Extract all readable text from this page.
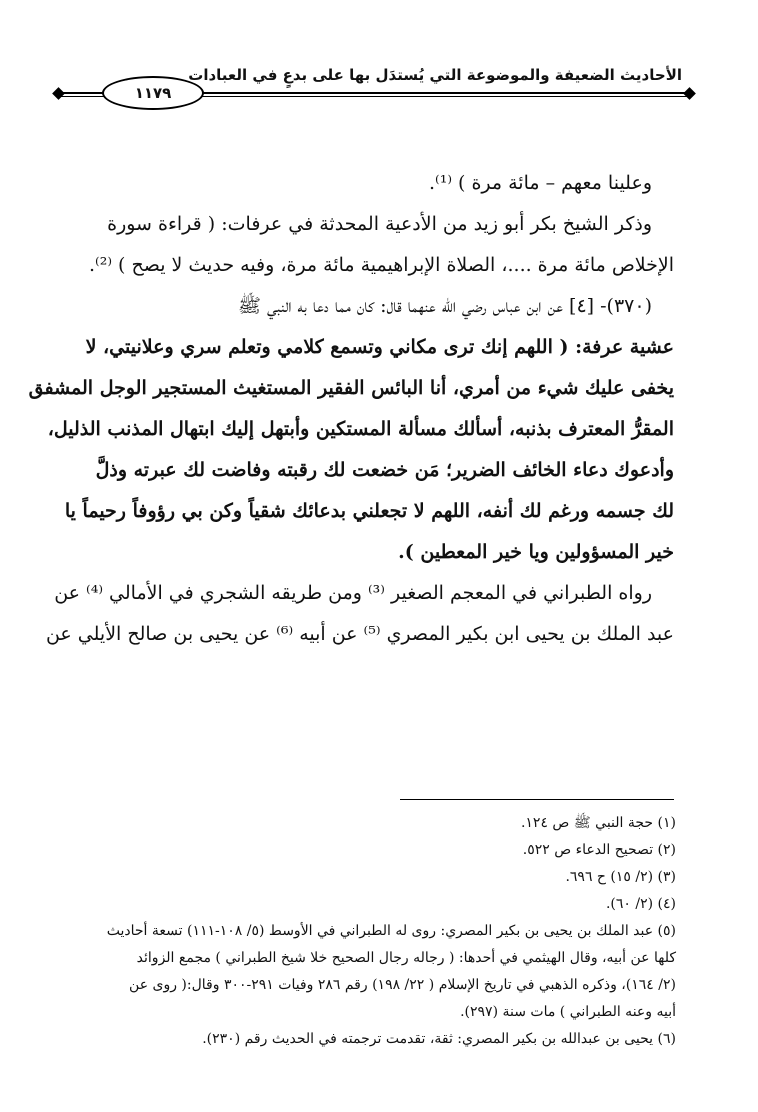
الأحاديث الضعيفة والموضوعة التي يُستدَل بها على بدعٍ في العبادات
١١٧٩
وعلينا معهم – مائة مرة ) ⁽¹⁾.
وذكر الشيخ بكر أبو زيد من الأدعية المحدثة في عرفات: ( قراءة سورة
الإخلاص مائة مرة ....، الصلاة الإبراهيمية مائة مرة، وفيه حديث لا يصح ) ⁽²⁾.
(٣٧٠)- [٤] عن ابن عباس رضي الله عنهما قال: كان مما دعا به النبي ﷺ
عشية عرفة: ( اللهم إنك ترى مكاني وتسمع كلامي وتعلم سري وعلانيتي، لا
يخفى عليك شيء من أمري، أنا البائس الفقير المستغيث المستجير الوجل المشفق
المقرُّ المعترف بذنبه، أسألك مسألة المستكين وأبتهل إليك ابتهال المذنب الذليل،
وأدعوك دعاء الخائف الضرير؛ مَن خضعت لك رقبته وفاضت لك عبرته وذلَّ
لك جسمه ورغم لك أنفه، اللهم لا تجعلني بدعائك شقياً وكن بي رؤوفاً رحيماً يا
خير المسؤولين ويا خير المعطين ).
رواه الطبراني في المعجم الصغير ⁽³⁾ ومن طريقه الشجري في الأمالي ⁽⁴⁾ عن
عبد الملك بن يحيى ابن بكير المصري ⁽⁵⁾ عن أبيه ⁽⁶⁾ عن يحيى بن صالح الأيلي عن
(١) حجة النبي ﷺ ص ١٢٤.
(٢) تصحيح الدعاء ص ٥٢٢.
(٣) (٢/ ١٥) ح ٦٩٦.
(٤) (٢/ ٦٠).
(٥) عبد الملك بن يحيى بن بكير المصري: روى له الطبراني في الأوسط (٥/ ١٠٨-١١١) تسعة أحاديث
كلها عن أبيه، وقال الهيثمي في أحدها: ( رجاله رجال الصحيح خلا شيخ الطبراني ) مجمع الزوائد
(٢/ ١٦٤)، وذكره الذهبي في تاريخ الإسلام ( ٢٢/ ١٩٨) رقم ٢٨٦ وفيات ٢٩١-٣٠٠ وقال:( روى عن
أبيه وعنه الطبراني ) مات سنة (٢٩٧).
(٦) يحيى بن عبدالله بن بكير المصري: ثقة، تقدمت ترجمته في الحديث رقم (٢٣٠).
